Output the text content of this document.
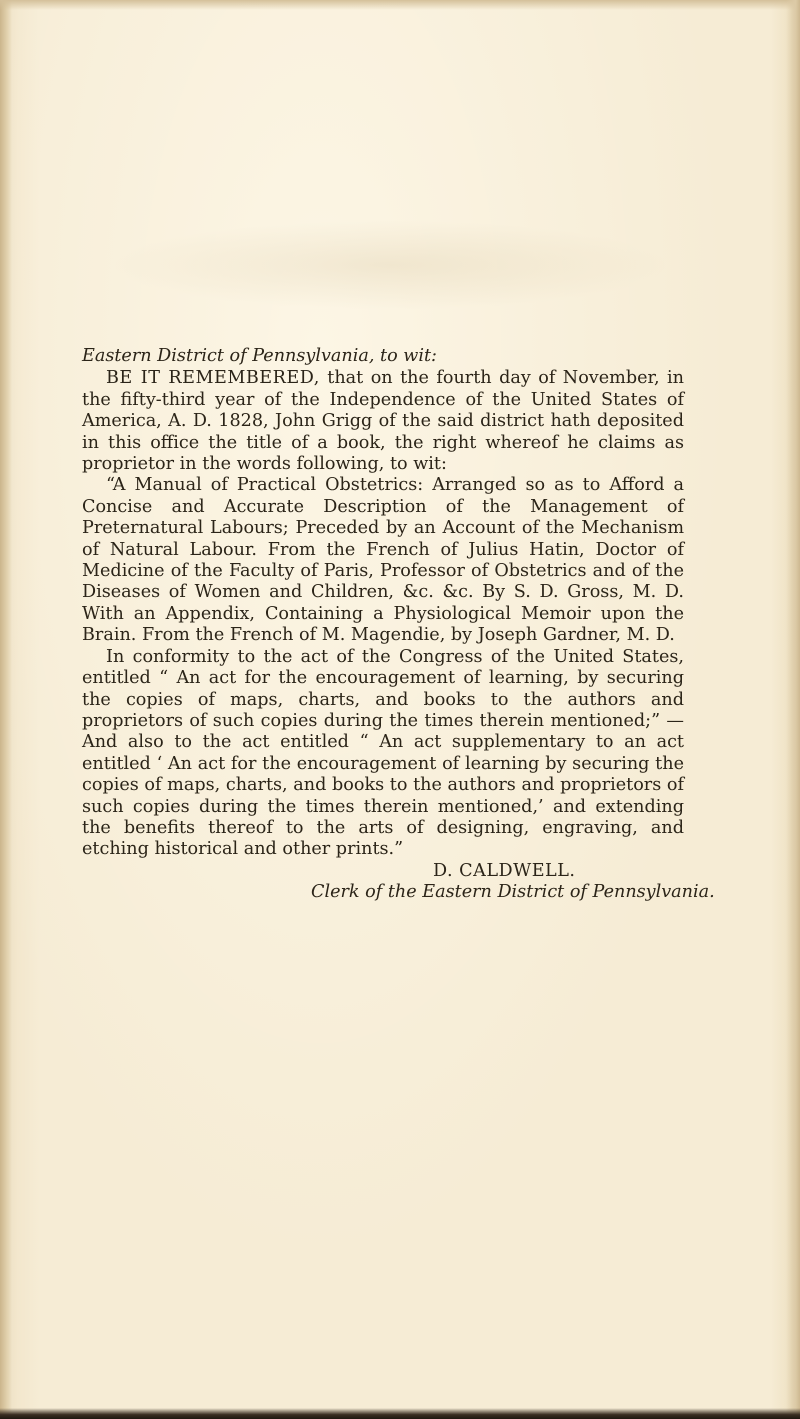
Eastern District of Pennsylvania, to wit:

BE IT REMEMBERED, that on the fourth day of November, in the fifty-third year of the Independence of the United States of America, A. D. 1828, John Grigg of the said district hath deposited in this office the title of a book, the right whereof he claims as proprietor in the words following, to wit:

“A Manual of Practical Obstetrics: Arranged so as to Afford a Concise and Accurate Description of the Management of Preternatural Labours; Preceded by an Account of the Mechanism of Natural Labour. From the French of Julius Hatin, Doctor of Medicine of the Faculty of Paris, Professor of Obstetrics and of the Diseases of Women and Children, &c. &c. By S. D. Gross, M. D. With an Appendix, Containing a Physiological Memoir upon the Brain. From the French of M. Magendie, by Joseph Gardner, M. D.

In conformity to the act of the Congress of the United States, entitled “ An act for the encouragement of learning, by securing the copies of maps, charts, and books to the authors and proprietors of such copies during the times therein mentioned;” —And also to the act entitled “ An act supplementary to an act entitled ‘ An act for the encouragement of learning by securing the copies of maps, charts, and books to the authors and proprietors of such copies during the times therein mentioned,’ and extending the benefits thereof to the arts of designing, engraving, and etching historical and other prints.”

D. CALDWELL.

Clerk of the Eastern District of Pennsylvania.
